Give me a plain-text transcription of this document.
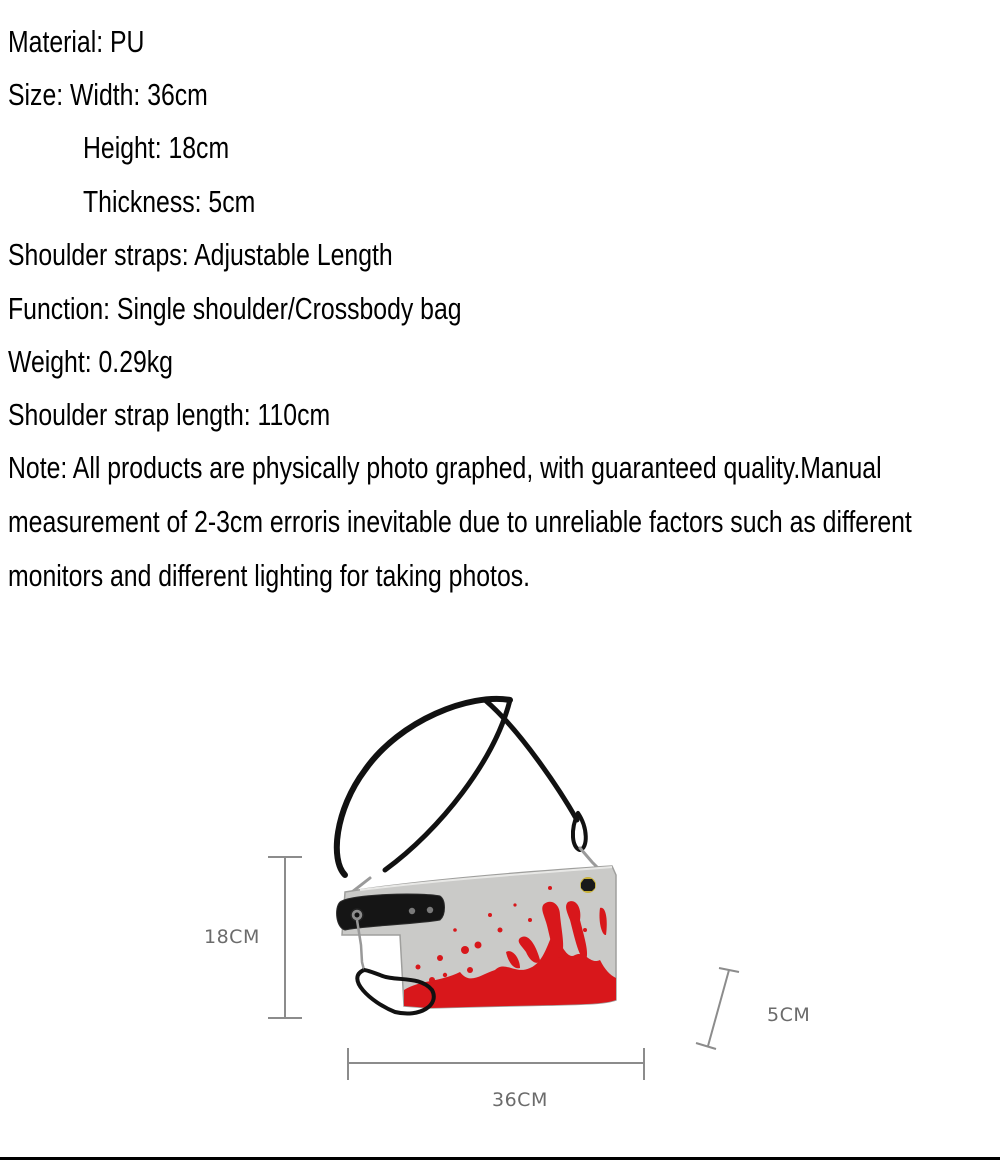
Material: PU
Size: Width: 36cm
Height: 18cm
Thickness: 5cm
Shoulder straps: Adjustable Length
Function: Single shoulder/Crossbody bag
Weight: 0.29kg
Shoulder strap length: 110cm
Note: All products are physically photo graphed, with guaranteed quality.Manual
measurement of 2-3cm erroris inevitable due to unreliable factors such as different
monitors and different lighting for taking photos.
18CM
36CM
5CM
